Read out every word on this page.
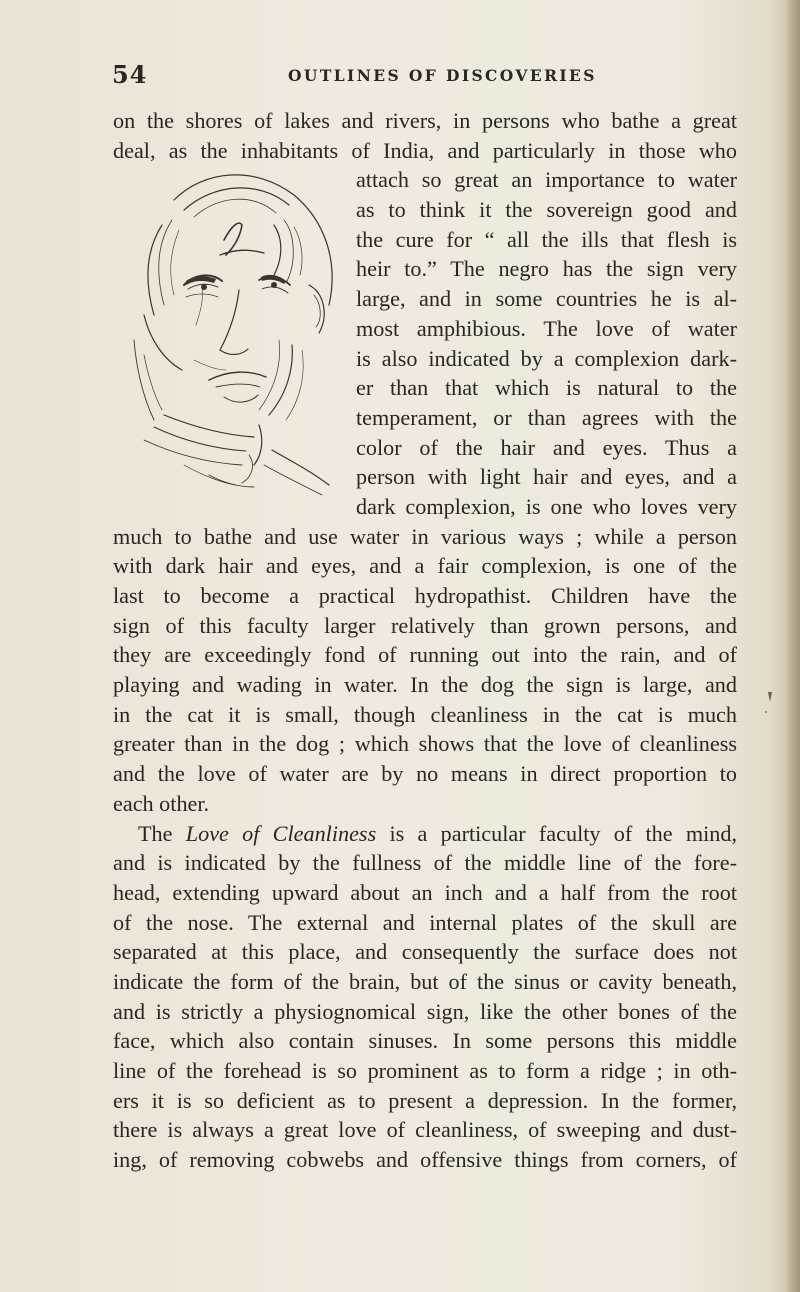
54	OUTLINES OF DISCOVERIES
on the shores of lakes and rivers, in persons who bathe a great
deal, as the inhabitants of India, and particularly in those who
attach so great an importance to water
as to think it the sovereign good and
the cure for “ all the ills that flesh is
heir to.” The negro has the sign very
large, and in some countries he is al-
most amphibious. The love of water
is also indicated by a complexion dark-
er than that which is natural to the
temperament, or than agrees with the
color of the hair and eyes. Thus a
person with light hair and eyes, and a
dark complexion, is one who loves very
much to bathe and use water in various ways ; while a person
with dark hair and eyes, and a fair complexion, is one of the
last to become a practical hydropathist. Children have the
sign of this faculty larger relatively than grown persons, and
they are exceedingly fond of running out into the rain, and of
playing and wading in water. In the dog the sign is large, and
in the cat it is small, though cleanliness in the cat is much
greater than in the dog ; which shows that the love of cleanliness
and the love of water are by no means in direct proportion to
each other.
The Love of Cleanliness is a particular faculty of the mind,
and is indicated by the fullness of the middle line of the fore-
head, extending upward about an inch and a half from the root
of the nose. The external and internal plates of the skull are
separated at this place, and consequently the surface does not
indicate the form of the brain, but of the sinus or cavity beneath,
and is strictly a physiognomical sign, like the other bones of the
face, which also contain sinuses. In some persons this middle
line of the forehead is so prominent as to form a ridge ; in oth-
ers it is so deficient as to present a depression. In the former,
there is always a great love of cleanliness, of sweeping and dust-
ing, of removing cobwebs and offensive things from corners, of
